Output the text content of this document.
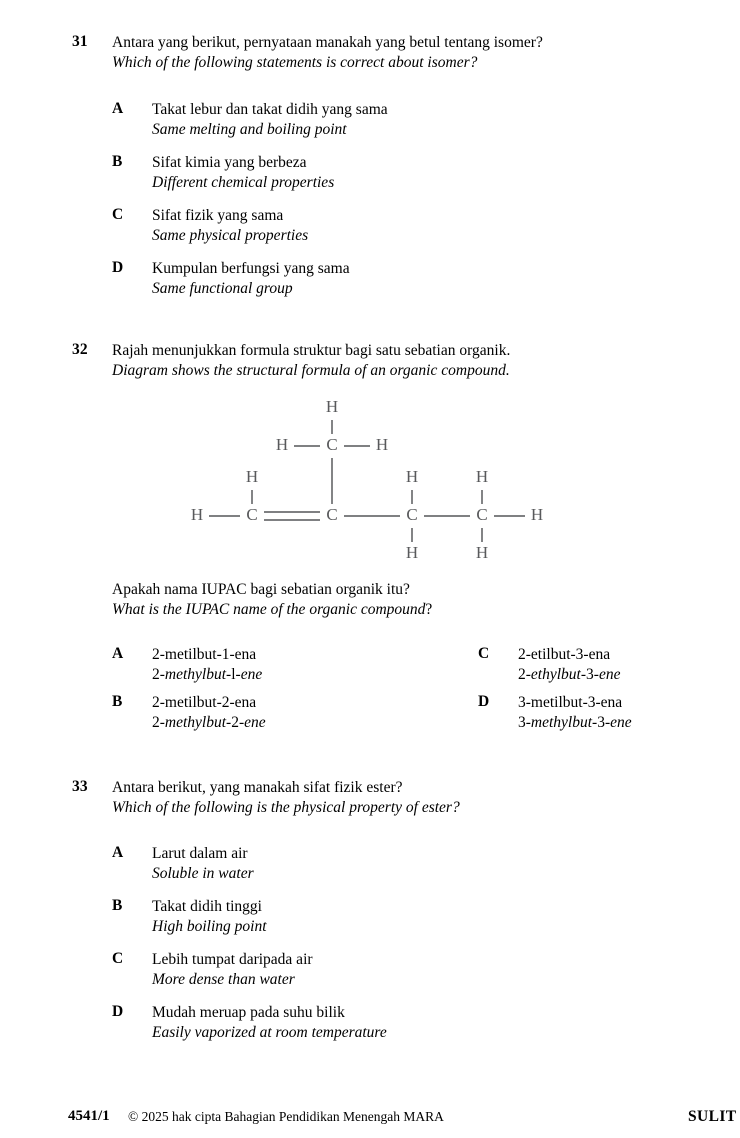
31 Antara yang berikut, pernyataan manakah yang betul tentang isomer?
Which of the following statements is correct about isomer?
A Takat lebur dan takat didih yang sama
Same melting and boiling point
B Sifat kimia yang berbeza
Different chemical properties
C Sifat fizik yang sama
Same physical properties
D Kumpulan berfungsi yang sama
Same functional group
32 Rajah menunjukkan formula struktur bagi satu sebatian organik.
Diagram shows the structural formula of an organic compound.
H
H C H
H
H	C	C
H
C
H
H
C
H
H
Apakah nama IUPAC bagi sebatian organik itu?
What is the IUPAC name of the organic compound?
A 2-metilbut-1-ena
2-methylbut-l-ene
C 2-etilbut-3-ena
2-ethylbut-3-ene
B 2-metilbut-2-ena
2-methylbut-2-ene
D 3-metilbut-3-ena
3-methylbut-3-ene
33 Antara berikut, yang manakah sifat fizik ester?
Which of the following is the physical property of ester?
A Larut dalam air
Soluble in water
B Takat didih tinggi
High boiling point
C Lebih tumpat daripada air
More dense than water
D Mudah meruap pada suhu bilik
Easily vaporized at room temperature
4541/1 © 2025 hak cipta Bahagian Pendidikan Menengah MARA	SULIT
